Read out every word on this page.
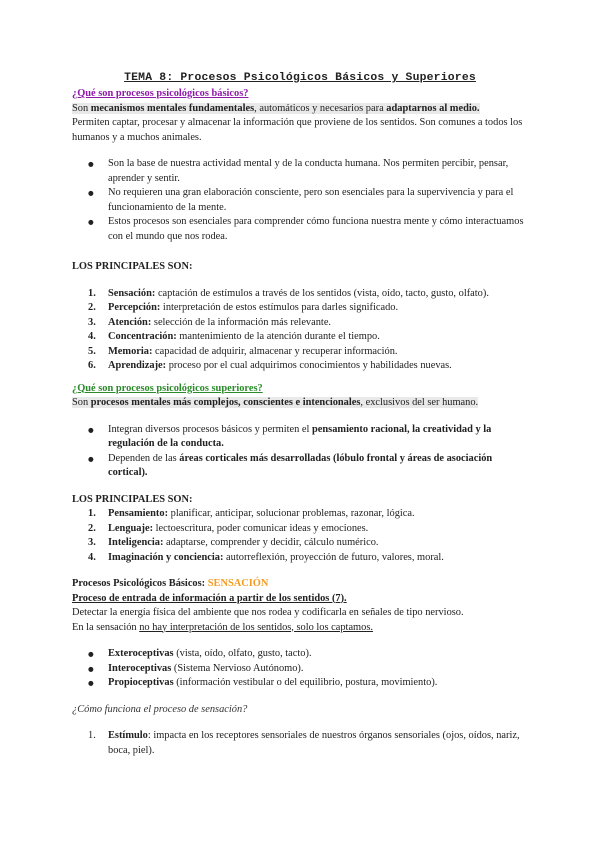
TEMA 8: Procesos Psicológicos Básicos y Superiores

¿Qué son procesos psicológicos básicos?

Son mecanismos mentales fundamentales, automáticos y necesarios para adaptarnos al medio.

Permiten captar, procesar y almacenar la información que proviene de los sentidos. Son comunes a todos los humanos y a muchos animales.

● Son la base de nuestra actividad mental y de la conducta humana. Nos permiten percibir, pensar, aprender y sentir.
● No requieren una gran elaboración consciente, pero son esenciales para la supervivencia y para el funcionamiento de la mente.
● Estos procesos son esenciales para comprender cómo funciona nuestra mente y cómo interactuamos con el mundo que nos rodea.

LOS PRINCIPALES SON:

1. Sensación: captación de estímulos a través de los sentidos (vista, oído, tacto, gusto, olfato).
2. Percepción: interpretación de estos estímulos para darles significado.
3. Atención: selección de la información más relevante.
4. Concentración: mantenimiento de la atención durante el tiempo.
5. Memoria: capacidad de adquirir, almacenar y recuperar información.
6. Aprendizaje: proceso por el cual adquirimos conocimientos y habilidades nuevas.

¿Qué son procesos psicológicos superiores?

Son procesos mentales más complejos, conscientes e intencionales, exclusivos del ser humano.

● Integran diversos procesos básicos y permiten el pensamiento racional, la creatividad y la regulación de la conducta.
● Dependen de las áreas corticales más desarrolladas (lóbulo frontal y áreas de asociación cortical).

LOS PRINCIPALES SON:

1. Pensamiento: planificar, anticipar, solucionar problemas, razonar, lógica.
2. Lenguaje: lectoescritura, poder comunicar ideas y emociones.
3. Inteligencia: adaptarse, comprender y decidir, cálculo numérico.
4. Imaginación y conciencia: autorreflexión, proyección de futuro, valores, moral.

Procesos Psicológicos Básicos: SENSACIÓN

Proceso de entrada de información a partir de los sentidos (7).

Detectar la energía física del ambiente que nos rodea y codificarla en señales de tipo nervioso.

En la sensación no hay interpretación de los sentidos, solo los captamos.

● Exteroceptivas (vista, oído, olfato, gusto, tacto).
● Interoceptivas (Sistema Nervioso Autónomo).
● Propioceptivas (información vestibular o del equilibrio, postura, movimiento).

¿Cómo funciona el proceso de sensación?

1. Estímulo: impacta en los receptores sensoriales de nuestros órganos sensoriales (ojos, oídos, nariz, boca, piel).
